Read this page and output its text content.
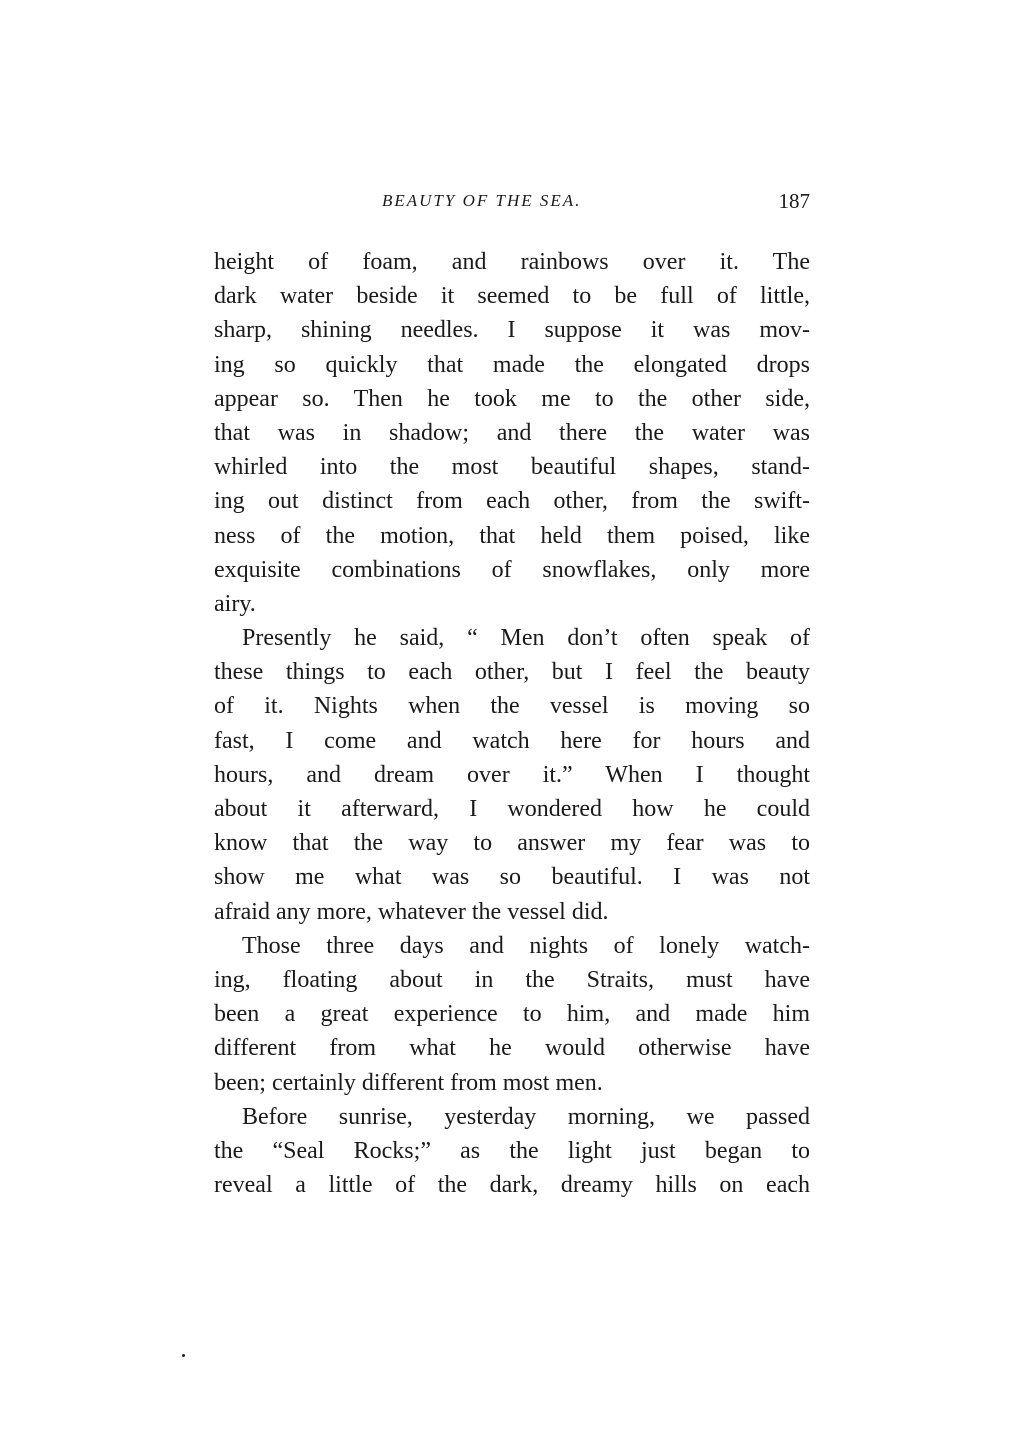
BEAUTY OF THE SEA.	187
height of foam, and rainbows over it. The
dark water beside it seemed to be full of little,
sharp, shining needles. I suppose it was mov-
ing so quickly that made the elongated drops
appear so. Then he took me to the other side,
that was in shadow; and there the water was
whirled into the most beautiful shapes, stand-
ing out distinct from each other, from the swift-
ness of the motion, that held them poised, like
exquisite combinations of snowflakes, only more
airy.
Presently he said, “ Men don’t often speak of
these things to each other, but I feel the beauty
of it. Nights when the vessel is moving so
fast, I come and watch here for hours and
hours, and dream over it.” When I thought
about it afterward, I wondered how he could
know that the way to answer my fear was to
show me what was so beautiful. I was not
afraid any more, whatever the vessel did.
Those three days and nights of lonely watch-
ing, floating about in the Straits, must have
been a great experience to him, and made him
different from what he would otherwise have
been; certainly different from most men.
Before sunrise, yesterday morning, we passed
the “Seal Rocks;” as the light just began to
reveal a little of the dark, dreamy hills on each
